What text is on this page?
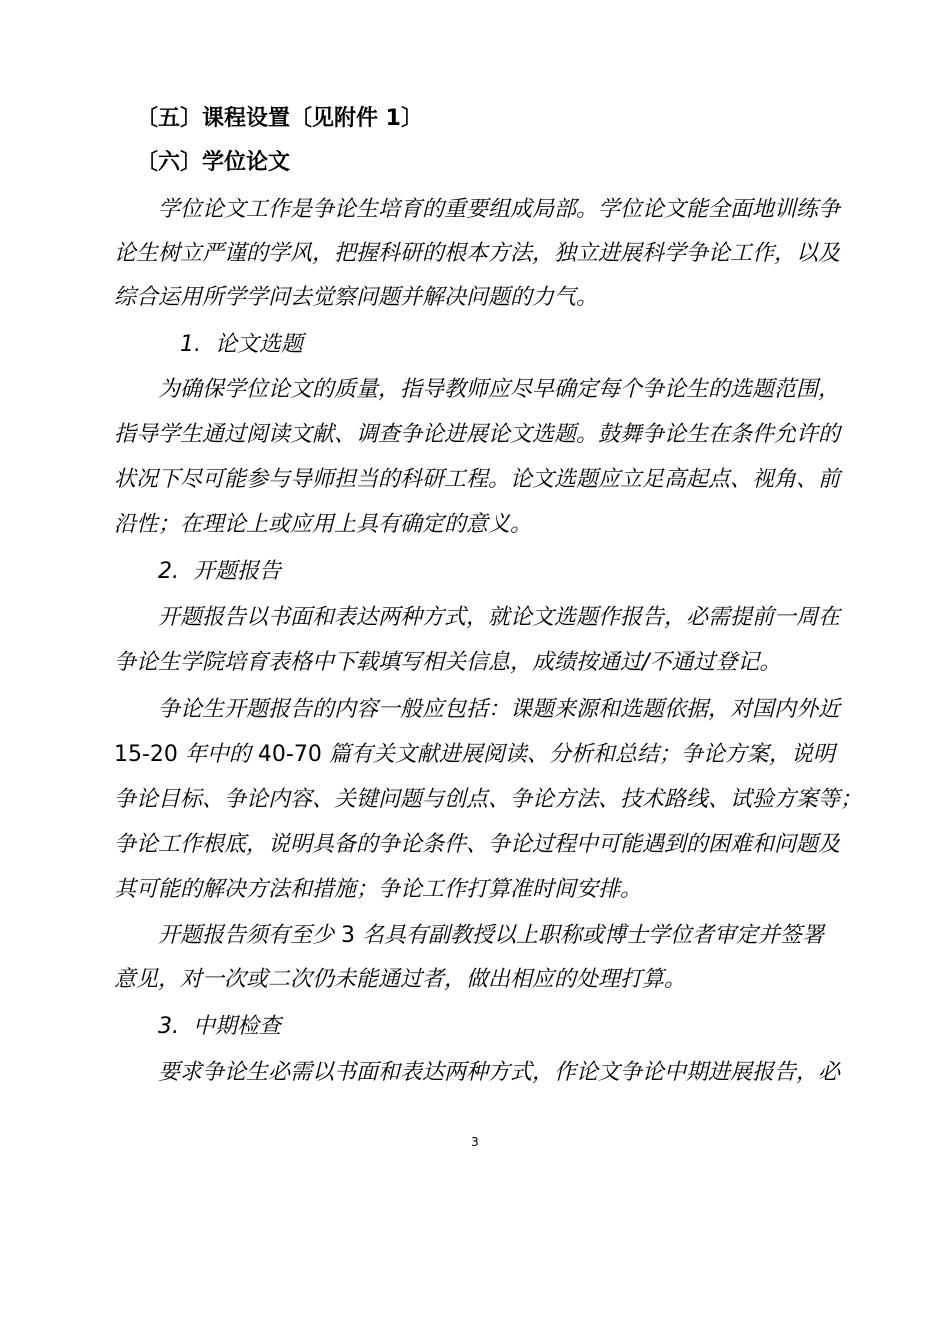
〔五〕课程设置〔见附件 1〕
〔六〕学位论文
学位论文工作是争论生培育的重要组成局部。学位论文能全面地训练争
论生树立严谨的学风，把握科研的根本方法，独立进展科学争论工作，以及
综合运用所学学问去觉察问题并解决问题的力气。
1. 论文选题
为确保学位论文的质量，指导教师应尽早确定每个争论生的选题范围，
指导学生通过阅读文献、调查争论进展论文选题。鼓舞争论生在条件允许的
状况下尽可能参与导师担当的科研工程。论文选题应立足高起点、视角、前
沿性；在理论上或应用上具有确定的意义。
2. 开题报告
开题报告以书面和表达两种方式，就论文选题作报告，必需提前一周在
争论生学院培育表格中下载填写相关信息，成绩按通过/不通过登记。
争论生开题报告的内容一般应包括：课题来源和选题依据，对国内外近
15-20 年中的 40-70 篇有关文献进展阅读、分析和总结；争论方案，说明
争论目标、争论内容、关键问题与创点、争论方法、技术路线、试验方案等；
争论工作根底，说明具备的争论条件、争论过程中可能遇到的困难和问题及
其可能的解决方法和措施；争论工作打算准时间安排。
开题报告须有至少 3 名具有副教授以上职称或博士学位者审定并签署
意见，对一次或二次仍未能通过者，做出相应的处理打算。
3. 中期检查
要求争论生必需以书面和表达两种方式，作论文争论中期进展报告，必
3
